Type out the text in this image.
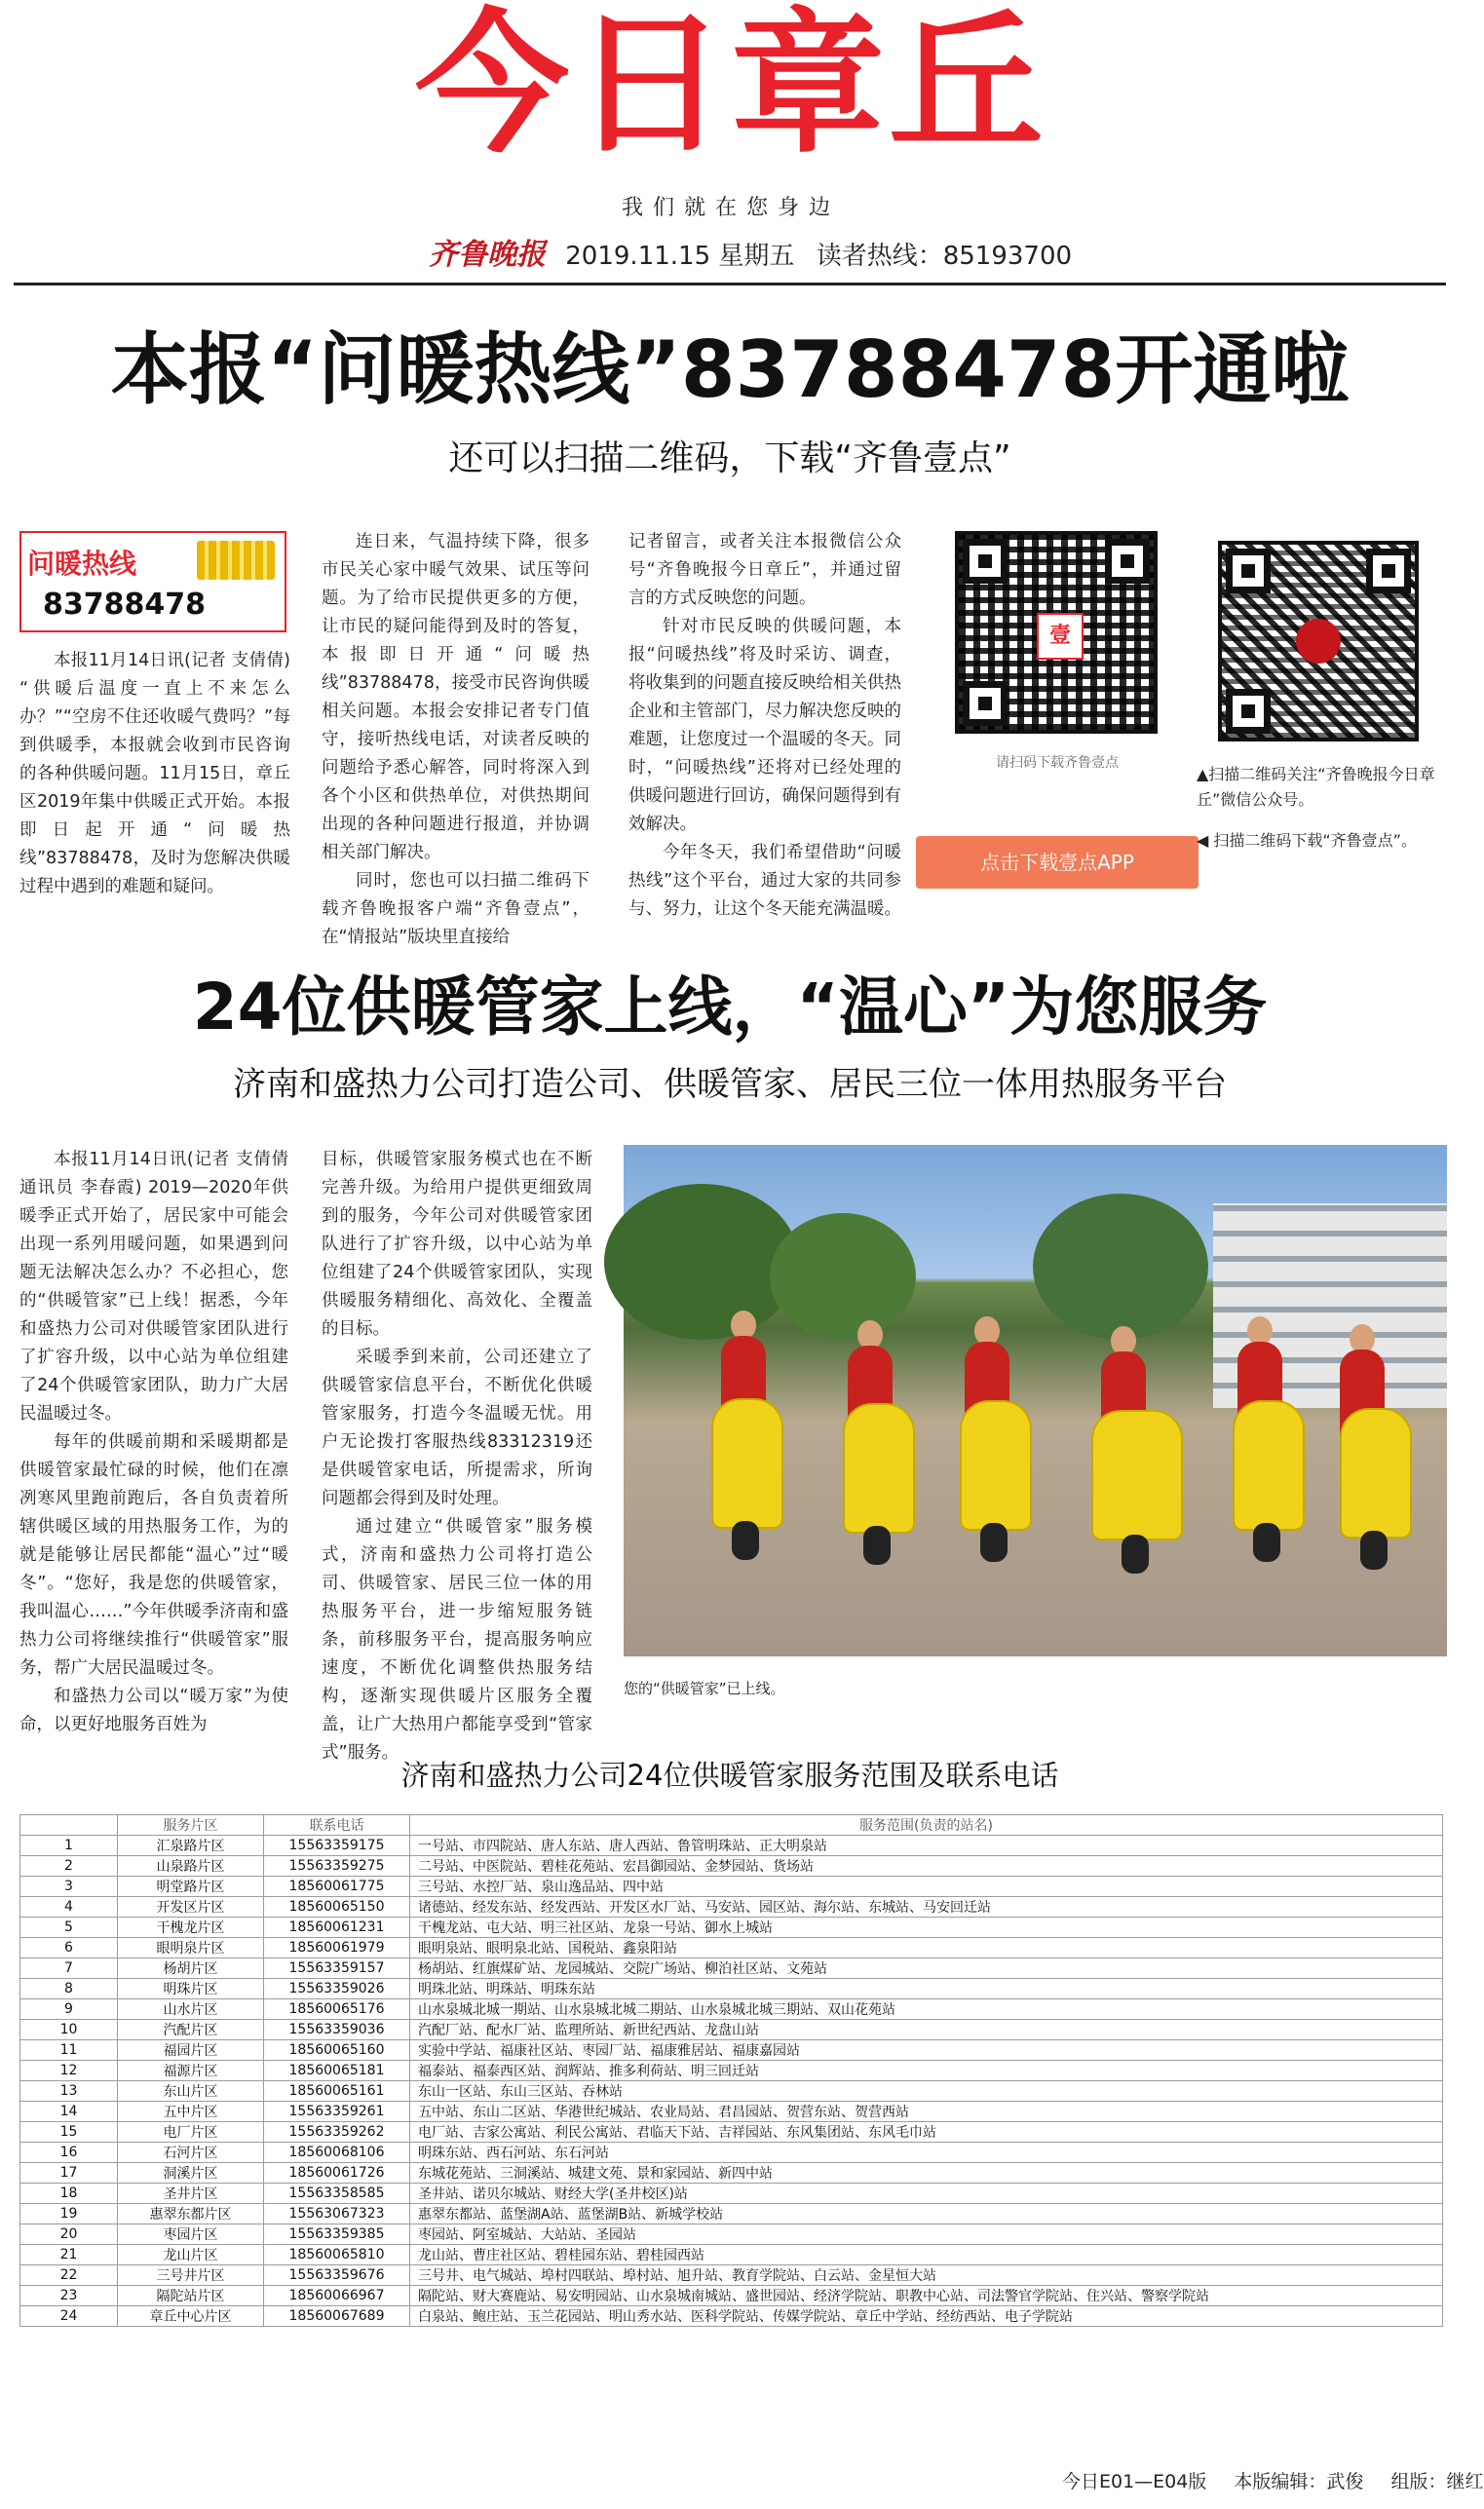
今日章丘
我们就在您身边
齐鲁晚报 2019.11.15 星期五 读者热线：85193700
本报“问暖热线”83788478开通啦
还可以扫描二维码，下载“齐鲁壹点”
问暖热线
83788478

本报11月14日讯(记者 支倩倩) “供暖后温度一直上不来怎么办？”“空房不住还收暖气费吗？”每到供暖季，本报就会收到市民咨询的各种供暖问题。11月15日，章丘区2019年集中供暖正式开始。本报即日起开通“问暖热线”83788478，及时为您解决供暖过程中遇到的难题和疑问。

连日来，气温持续下降，很多市民关心家中暖气效果、试压等问题。为了给市民提供更多的方便，让市民的疑问能得到及时的答复，本报即日开通“问暖热线”83788478，接受市民咨询供暖相关问题。本报会安排记者专门值守，接听热线电话，对读者反映的问题给予悉心解答，同时将深入到各个小区和供热单位，对供热期间出现的各种问题进行报道，并协调相关部门解决。

同时，您也可以扫描二维码下载齐鲁晚报客户端“齐鲁壹点”，在“情报站”版块里直接给

记者留言，或者关注本报微信公众号“齐鲁晚报今日章丘”，并通过留言的方式反映您的问题。

针对市民反映的供暖问题，本报“问暖热线”将及时采访、调查，将收集到的问题直接反映给相关供热企业和主管部门，尽力解决您反映的难题，让您度过一个温暖的冬天。同时，“问暖热线”还将对已经处理的供暖问题进行回访，确保问题得到有效解决。

今年冬天，我们希望借助“问暖热线”这个平台，通过大家的共同参与、努力，让这个冬天能充满温暖。

壹
请扫码下载齐鲁壹点
点击下载壹点APP
▲扫描二维码关注“齐鲁晚报今日章丘”微信公众号。
◀ 扫描二维码下载“齐鲁壹点”。
24位供暖管家上线，“温心”为您服务
济南和盛热力公司打造公司、供暖管家、居民三位一体用热服务平台

本报11月14日讯(记者 支倩倩 通讯员 李春霞) 2019—2020年供暖季正式开始了，居民家中可能会出现一系列用暖问题，如果遇到问题无法解决怎么办？不必担心，您的“供暖管家”已上线！据悉，今年和盛热力公司对供暖管家团队进行了扩容升级，以中心站为单位组建了24个供暖管家团队，助力广大居民温暖过冬。

每年的供暖前期和采暖期都是供暖管家最忙碌的时候，他们在凛冽寒风里跑前跑后，各自负责着所辖供暖区域的用热服务工作，为的就是能够让居民都能“温心”过“暖冬”。“您好，我是您的供暖管家，我叫温心……”今年供暖季济南和盛热力公司将继续推行“供暖管家”服务，帮广大居民温暖过冬。

和盛热力公司以“暖万家”为使命，以更好地服务百姓为

目标，供暖管家服务模式也在不断完善升级。为给用户提供更细致周到的服务，今年公司对供暖管家团队进行了扩容升级，以中心站为单位组建了24个供暖管家团队，实现供暖服务精细化、高效化、全覆盖的目标。

采暖季到来前，公司还建立了供暖管家信息平台，不断优化供暖管家服务，打造今冬温暖无忧。用户无论拨打客服热线83312319还是供暖管家电话，所提需求，所询问题都会得到及时处理。

通过建立“供暖管家”服务模式，济南和盛热力公司将打造公司、供暖管家、居民三位一体的用热服务平台，进一步缩短服务链条，前移服务平台，提高服务响应速度，不断优化调整供热服务结构，逐渐实现供暖片区服务全覆盖，让广大热用户都能享受到“管家式”服务。

您的“供暖管家”已上线。
济南和盛热力公司24位供暖管家服务范围及联系电话
	服务片区	联系电话	服务范围(负责的站名)
1	汇泉路片区	15563359175	一号站、市四院站、唐人东站、唐人西站、鲁管明珠站、正大明泉站
2	山泉路片区	15563359275	二号站、中医院站、碧桂花苑站、宏昌御园站、金梦园站、货场站
3	明堂路片区	18560061775	三号站、水控厂站、泉山逸品站、四中站
4	开发区片区	18560065150	诸德站、经发东站、经发西站、开发区水厂站、马安站、园区站、海尔站、东城站、马安回迁站
5	干槐龙片区	18560061231	干槐龙站、屯大站、明三社区站、龙泉一号站、御水上城站
6	眼明泉片区	18560061979	眼明泉站、眼明泉北站、国税站、鑫泉阳站
7	杨胡片区	15563359157	杨胡站、红旗煤矿站、龙园城站、交院广场站、柳泊社区站、文苑站
8	明珠片区	15563359026	明珠北站、明珠站、明珠东站
9	山水片区	18560065176	山水泉城北城一期站、山水泉城北城二期站、山水泉城北城三期站、双山花苑站
10	汽配片区	15563359036	汽配厂站、配水厂站、监理所站、新世纪西站、龙盘山站
11	福园片区	18560065160	实验中学站、福康社区站、枣园厂站、福康雅居站、福康嘉园站
12	福源片区	18560065181	福泰站、福泰西区站、润辉站、推多利荷站、明三回迁站
13	东山片区	18560065161	东山一区站、东山三区站、吞林站
14	五中片区	15563359261	五中站、东山二区站、华港世纪城站、农业局站、君昌园站、贺营东站、贺营西站
15	电厂片区	15563359262	电厂站、吉家公寓站、利民公寓站、君临天下站、吉祥园站、东风集团站、东风毛巾站
16	石河片区	18560068106	明珠东站、西石河站、东石河站
17	洞溪片区	18560061726	东城花苑站、三洞溪站、城建文苑、景和家园站、新四中站
18	圣井片区	15563358585	圣井站、诺贝尔城站、财经大学(圣井校区)站
19	惠翠东都片区	15563067323	惠翠东都站、蓝堡湖A站、蓝堡湖B站、新城学校站
20	枣园片区	15563359385	枣园站、阿室城站、大站站、圣园站
21	龙山片区	18560065810	龙山站、曹庄社区站、碧桂园东站、碧桂园西站
22	三号井片区	15563359676	三号井、电气城站、埠村四联站、埠村站、旭升站、教育学院站、白云站、金星恒大站
23	隔陀站片区	18560066967	隔陀站、财大赛鹿站、易安明园站、山水泉城南城站、盛世园站、经济学院站、职教中心站、司法警官学院站、住兴站、警察学院站
24	章丘中心片区	18560067689	白泉站、鲍庄站、玉兰花园站、明山秀水站、医科学院站、传媒学院站、章丘中学站、经纺西站、电子学院站
今日E01—E04版 本版编辑：武俊 组版：继红
